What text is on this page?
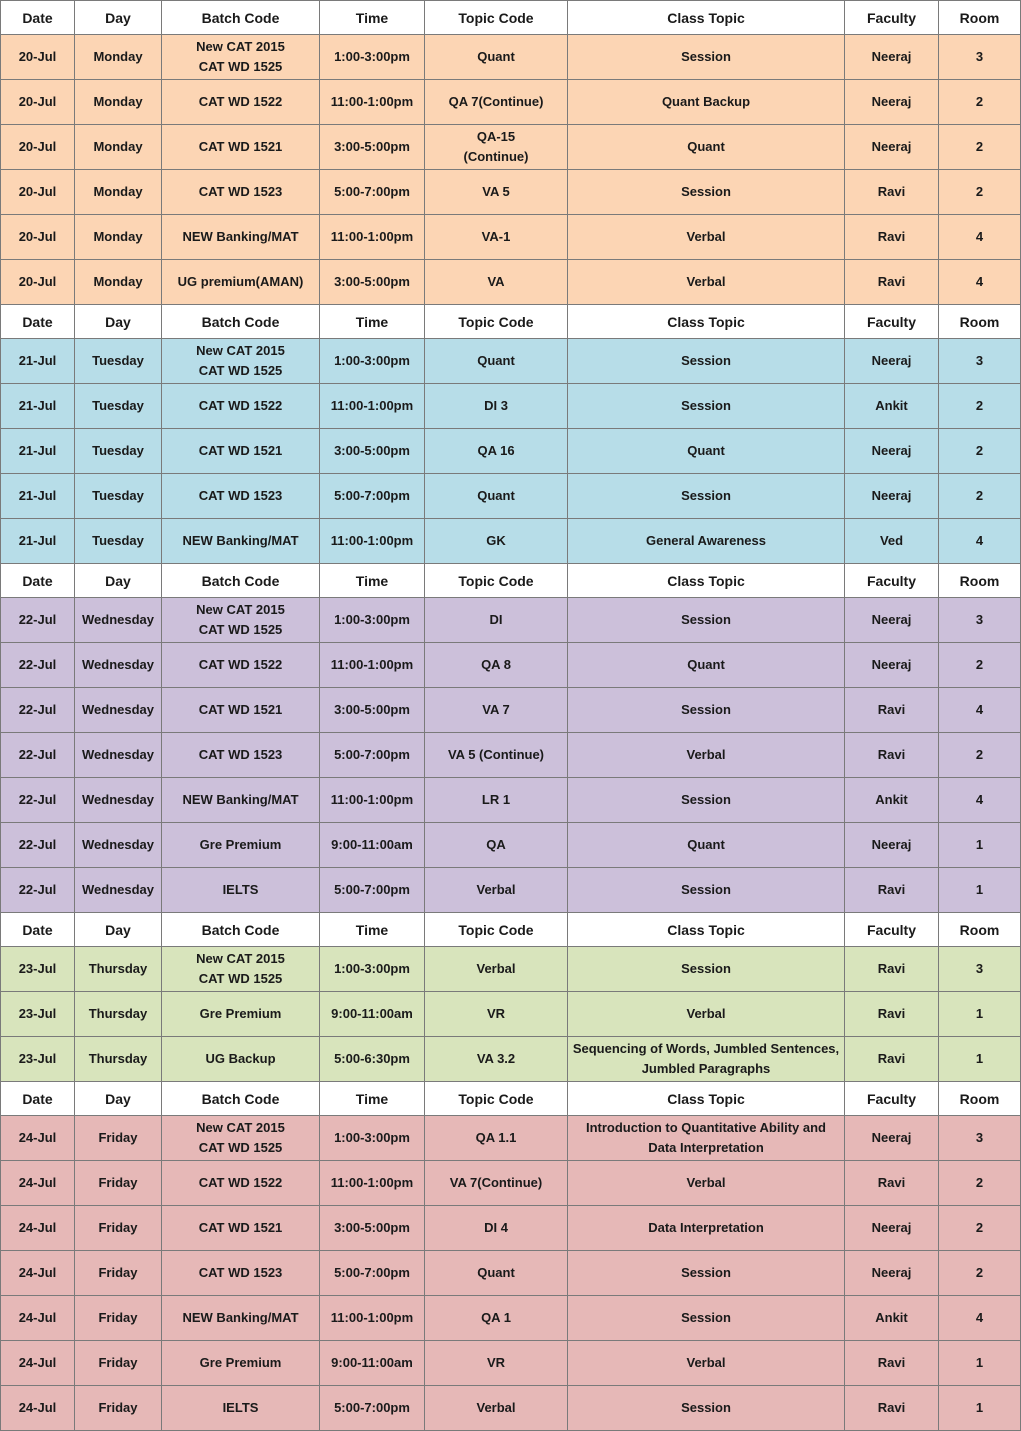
Date	Day	Batch Code	Time	Topic Code	Class Topic	Faculty	Room
20-Jul	Monday	New CAT 2015
CAT WD 1525	1:00-3:00pm	Quant	Session	Neeraj	3
20-Jul	Monday	CAT WD 1522	11:00-1:00pm	QA 7(Continue)	Quant Backup	Neeraj	2
20-Jul	Monday	CAT WD 1521	3:00-5:00pm	QA-15
(Continue)	Quant	Neeraj	2
20-Jul	Monday	CAT WD 1523	5:00-7:00pm	VA 5	Session	Ravi	2
20-Jul	Monday	NEW Banking/MAT	11:00-1:00pm	VA-1	Verbal	Ravi	4
20-Jul	Monday	UG premium(AMAN)	3:00-5:00pm	VA	Verbal	Ravi	4
Date	Day	Batch Code	Time	Topic Code	Class Topic	Faculty	Room
21-Jul	Tuesday	New CAT 2015
CAT WD 1525	1:00-3:00pm	Quant	Session	Neeraj	3
21-Jul	Tuesday	CAT WD 1522	11:00-1:00pm	DI 3	Session	Ankit	2
21-Jul	Tuesday	CAT WD 1521	3:00-5:00pm	QA 16	Quant	Neeraj	2
21-Jul	Tuesday	CAT WD 1523	5:00-7:00pm	Quant	Session	Neeraj	2
21-Jul	Tuesday	NEW Banking/MAT	11:00-1:00pm	GK	General Awareness	Ved	4
Date	Day	Batch Code	Time	Topic Code	Class Topic	Faculty	Room
22-Jul	Wednesday	New CAT 2015
CAT WD 1525	1:00-3:00pm	DI	Session	Neeraj	3
22-Jul	Wednesday	CAT WD 1522	11:00-1:00pm	QA 8	Quant	Neeraj	2
22-Jul	Wednesday	CAT WD 1521	3:00-5:00pm	VA 7	Session	Ravi	4
22-Jul	Wednesday	CAT WD 1523	5:00-7:00pm	VA 5 (Continue)	Verbal	Ravi	2
22-Jul	Wednesday	NEW Banking/MAT	11:00-1:00pm	LR 1	Session	Ankit	4
22-Jul	Wednesday	Gre Premium	9:00-11:00am	QA	Quant	Neeraj	1
22-Jul	Wednesday	IELTS	5:00-7:00pm	Verbal	Session	Ravi	1
Date	Day	Batch Code	Time	Topic Code	Class Topic	Faculty	Room
23-Jul	Thursday	New CAT 2015
CAT WD 1525	1:00-3:00pm	Verbal	Session	Ravi	3
23-Jul	Thursday	Gre Premium	9:00-11:00am	VR	Verbal	Ravi	1
23-Jul	Thursday	UG Backup	5:00-6:30pm	VA 3.2	Sequencing of Words, Jumbled Sentences,
Jumbled Paragraphs	Ravi	1
Date	Day	Batch Code	Time	Topic Code	Class Topic	Faculty	Room
24-Jul	Friday	New CAT 2015
CAT WD 1525	1:00-3:00pm	QA 1.1	Introduction to Quantitative Ability and
Data Interpretation	Neeraj	3
24-Jul	Friday	CAT WD 1522	11:00-1:00pm	VA 7(Continue)	Verbal	Ravi	2
24-Jul	Friday	CAT WD 1521	3:00-5:00pm	DI 4	Data Interpretation	Neeraj	2
24-Jul	Friday	CAT WD 1523	5:00-7:00pm	Quant	Session	Neeraj	2
24-Jul	Friday	NEW Banking/MAT	11:00-1:00pm	QA 1	Session	Ankit	4
24-Jul	Friday	Gre Premium	9:00-11:00am	VR	Verbal	Ravi	1
24-Jul	Friday	IELTS	5:00-7:00pm	Verbal	Session	Ravi	1
